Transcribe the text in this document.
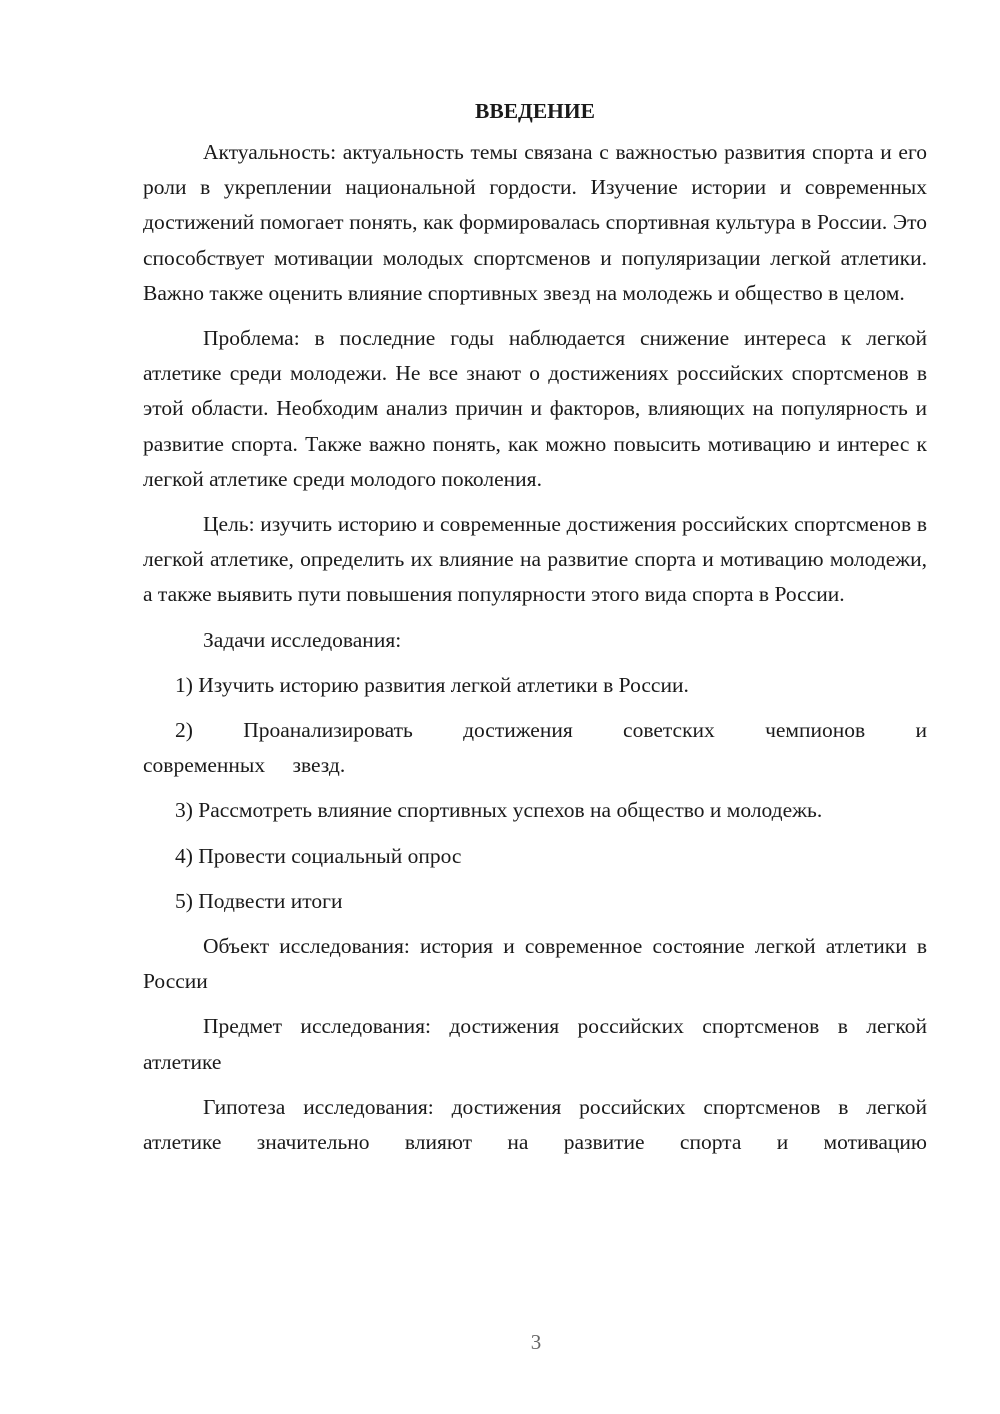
ВВЕДЕНИЕ

Актуальность: актуальность темы связана с важностью развития спорта и его роли в укреплении национальной гордости. Изучение истории и современных достижений помогает понять, как формировалась спортивная культура в России. Это способствует мотивации молодых спортсменов и популяризации легкой атлетики. Важно также оценить влияние спортивных звезд на молодежь и общество в целом.

Проблема: в последние годы наблюдается снижение интереса к легкой атлетике среди молодежи. Не все знают о достижениях российских спортсменов в этой области. Необходим анализ причин и факторов, влияющих на популярность и развитие спорта. Также важно понять, как можно повысить мотивацию и интерес к легкой атлетике среди молодого поколения.

Цель: изучить историю и современные достижения российских спортсменов в легкой атлетике, определить их влияние на развитие спорта и мотивацию молодежи, а также выявить пути повышения популярности этого вида спорта в России.

Задачи исследования:

1) Изучить историю развития легкой атлетики в России.

2) Проанализировать достижения советских чемпионов и современных звезд.

3) Рассмотреть влияние спортивных успехов на общество и молодежь.

4) Провести социальный опрос

5) Подвести итоги

Объект исследования: история и современное состояние легкой атлетики в России

Предмет исследования: достижения российских спортсменов в легкой атлетике

Гипотеза исследования: достижения российских спортсменов в легкой атлетике значительно влияют на развитие спорта и мотивацию

3
